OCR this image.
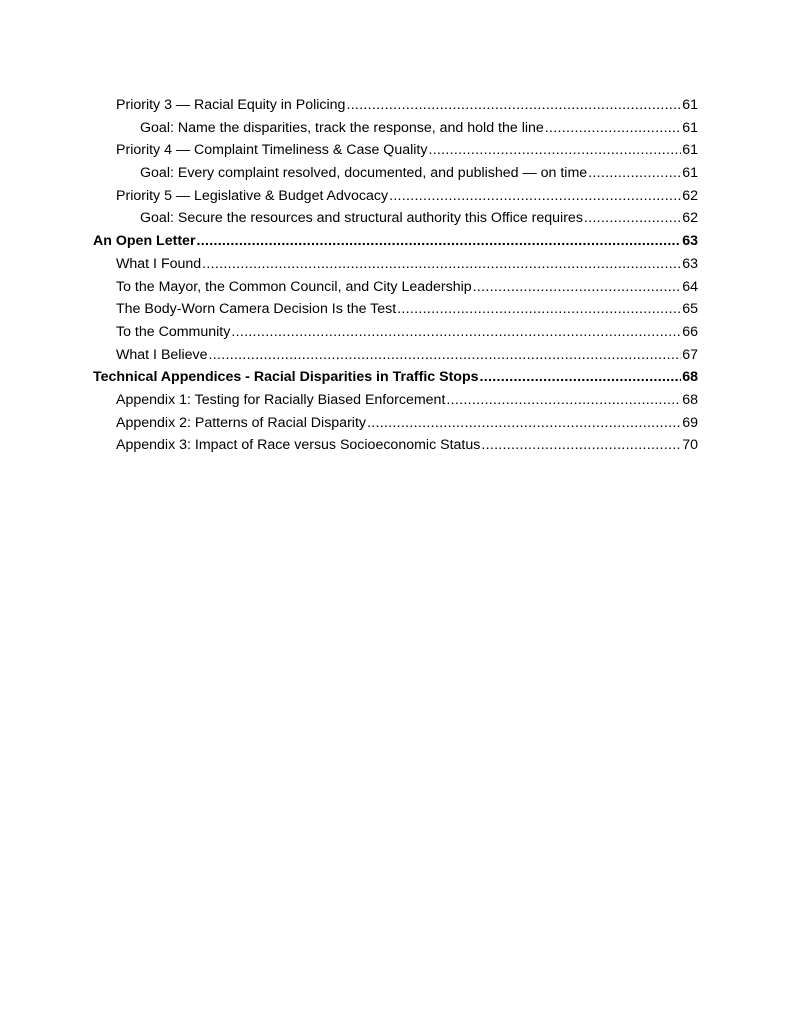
Priority 3 — Racial Equity in Policing .....	61
Goal: Name the disparities, track the response, and hold the line .....	61
Priority 4 — Complaint Timeliness & Case Quality .....	61
Goal: Every complaint resolved, documented, and published — on time .....	61
Priority 5 — Legislative & Budget Advocacy .....	62
Goal: Secure the resources and structural authority this Office requires .....	62
An Open Letter .....	63
What I Found .....	63
To the Mayor, the Common Council, and City Leadership .....	64
The Body-Worn Camera Decision Is the Test .....	65
To the Community .....	66
What I Believe .....	67
Technical Appendices - Racial Disparities in Traffic Stops .....	68
Appendix 1: Testing for Racially Biased Enforcement .....	68
Appendix 2: Patterns of Racial Disparity .....	69
Appendix 3: Impact of Race versus Socioeconomic Status .....	70
